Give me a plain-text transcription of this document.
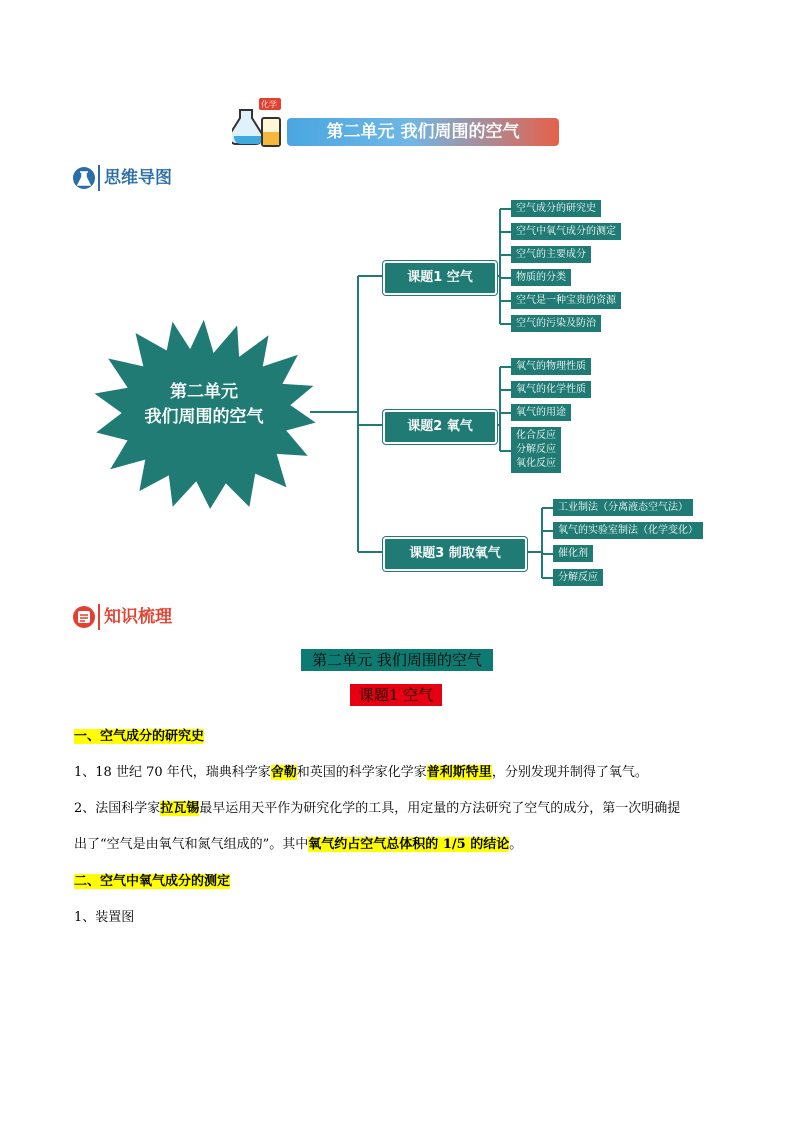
化学
第二单元 我们周围的空气
思维导图
第二单元
我们周围的空气
课题1 空气
空气成分的研究史
空气中氧气成分的测定
空气的主要成分
物质的分类
空气是一种宝贵的资源
空气的污染及防治
课题2 氧气
氧气的物理性质
氧气的化学性质
氧气的用途
化合反应
分解反应
氧化反应
课题3 制取氧气
工业制法（分离液态空气法）
氧气的实验室制法（化学变化）
催化剂
分解反应
知识梳理
第二单元 我们周围的空气
课题1 空气
一、空气成分的研究史
1、18 世纪 70 年代，瑞典科学家舍勒和英国的科学家化学家普利斯特里，分别发现并制得了氧气。
2、法国科学家拉瓦锡最早运用天平作为研究化学的工具，用定量的方法研究了空气的成分，第一次明确提
出了“空气是由氧气和氮气组成的”。其中氧气约占空气总体积的 1/5 的结论。
二、空气中氧气成分的测定
1、装置图
